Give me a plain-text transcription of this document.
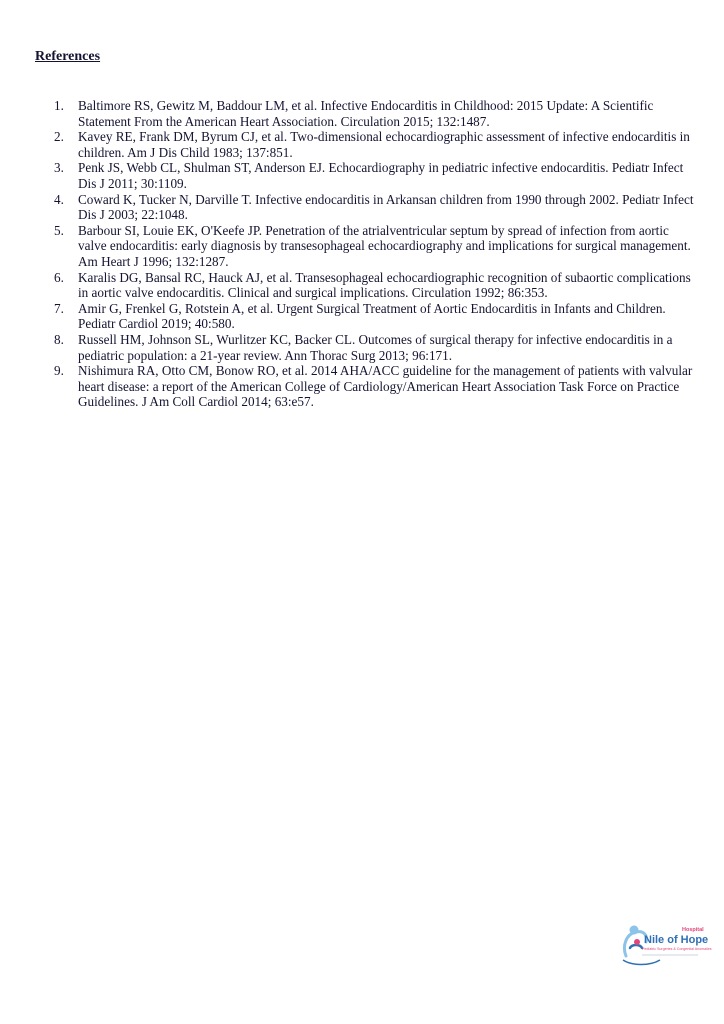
References
1. Baltimore RS, Gewitz M, Baddour LM, et al. Infective Endocarditis in Childhood: 2015 Update: A Scientific Statement From the American Heart Association. Circulation 2015; 132:1487.
2. Kavey RE, Frank DM, Byrum CJ, et al. Two-dimensional echocardiographic assessment of infective endocarditis in children. Am J Dis Child 1983; 137:851.
3. Penk JS, Webb CL, Shulman ST, Anderson EJ. Echocardiography in pediatric infective endocarditis. Pediatr Infect Dis J 2011; 30:1109.
4. Coward K, Tucker N, Darville T. Infective endocarditis in Arkansan children from 1990 through 2002. Pediatr Infect Dis J 2003; 22:1048.
5. Barbour SI, Louie EK, O'Keefe JP. Penetration of the atrialventricular septum by spread of infection from aortic valve endocarditis: early diagnosis by transesophageal echocardiography and implications for surgical management. Am Heart J 1996; 132:1287.
6. Karalis DG, Bansal RC, Hauck AJ, et al. Transesophageal echocardiographic recognition of subaortic complications in aortic valve endocarditis. Clinical and surgical implications. Circulation 1992; 86:353.
7. Amir G, Frenkel G, Rotstein A, et al. Urgent Surgical Treatment of Aortic Endocarditis in Infants and Children. Pediatr Cardiol 2019; 40:580.
8. Russell HM, Johnson SL, Wurlitzer KC, Backer CL. Outcomes of surgical therapy for infective endocarditis in a pediatric population: a 21-year review. Ann Thorac Surg 2013; 96:171.
9. Nishimura RA, Otto CM, Bonow RO, et al. 2014 AHA/ACC guideline for the management of patients with valvular heart disease: a report of the American College of Cardiology/American Heart Association Task Force on Practice Guidelines. J Am Coll Cardiol 2014; 63:e57.
Hospital
Nile of Hope
Pediatric Surgeries & Congenital Anomalies
